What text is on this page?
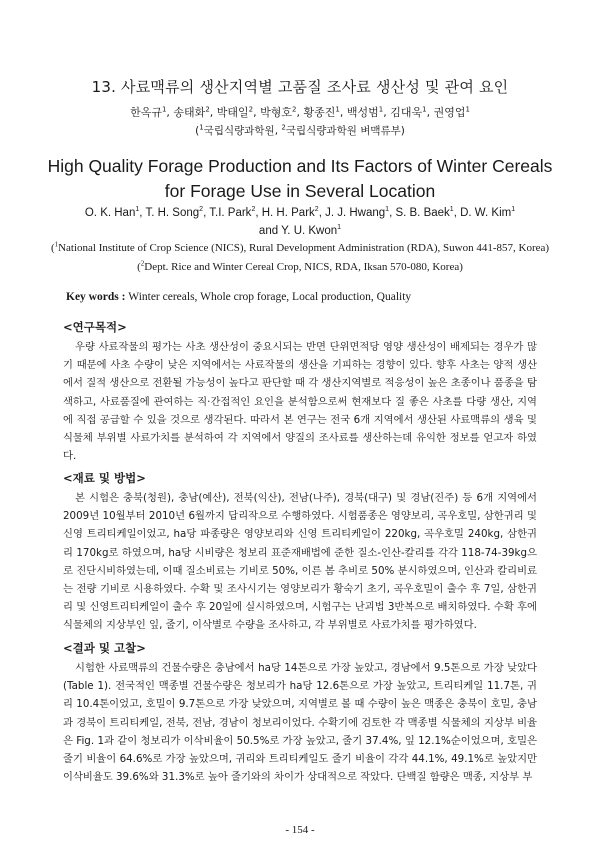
13. 사료맥류의 생산지역별 고품질 조사료 생산성 및 관여 요인
한옥규$^1$, 송태화$^2$, 박태일$^2$, 박형호$^2$, 황종진$^1$, 백성범$^1$, 김대욱$^1$, 권영업$^1$
($^1$국립식량과학원, $^2$국립식량과학원 벼맥류부)
High Quality Forage Production and Its Factors of Winter Cereals for Forage Use in Several Location
O. K. Han$^1$, T. H. Song$^2$, T.I. Park$^2$, H. H. Park$^2$, J. J. Hwang$^1$, S. B. Baek$^1$, D. W. Kim$^1$
and Y. U. Kwon$^1$
($^1$National Institute of Crop Science (NICS), Rural Development Administration (RDA), Suwon 441-857, Korea)
($^2$Dept. Rice and Winter Cereal Crop, NICS, RDA, Iksan 570-080, Korea)
Key words : Winter cereals, Whole crop forage, Local production, Quality
<연구목적>

우량 사료작물의 평가는 사초 생산성이 중요시되는 반면 단위면적당 영양 생산성이 배제되는 경우가 많기 때문에 사초 수량이 낮은 지역에서는 사료작물의 생산을 기피하는 경향이 있다. 향후 사초는 양적 생산에서 질적 생산으로 전환될 가능성이 높다고 판단할 때 각 생산지역별로 적응성이 높은 초종이나 품종을 탐색하고, 사료품질에 관여하는 직·간접적인 요인을 분석함으로써 현재보다 질 좋은 사초를 다량 생산, 지역에 직접 공급할 수 있을 것으로 생각된다. 따라서 본 연구는 전국 6개 지역에서 생산된 사료맥류의 생육 및 식물체 부위별 사료가치를 분석하여 각 지역에서 양질의 조사료를 생산하는데 유익한 정보를 얻고자 하였다.

<재료 및 방법>

본 시험은 충북(청원), 충남(예산), 전북(익산), 전남(나주), 경북(대구) 및 경남(진주) 등 6개 지역에서 2009년 10월부터 2010년 6월까지 답리작으로 수행하였다. 시험품종은 영양보리, 곡우호밀, 삼한귀리 및 신영 트리티케일이었고, ha당 파종량은 영양보리와 신영 트리티케일이 220kg, 곡우호밀 240kg, 삼한귀리 170kg로 하였으며, ha당 시비량은 청보리 표준재배법에 준한 질소-인산-칼리를 각각 118-74-39kg으로 진단시비하였는데, 이때 질소비료는 기비로 50%, 이른 봄 추비로 50% 분시하였으며, 인산과 칼리비료는 전량 기비로 시용하였다. 수확 및 조사시기는 영양보리가 황숙기 초기, 곡우호밀이 출수 후 7일, 삼한귀리 및 신영트리티케일이 출수 후 20일에 실시하였으며, 시험구는 난괴법 3반복으로 배치하였다. 수확 후에 식물체의 지상부인 잎, 줄기, 이삭별로 수량을 조사하고, 각 부위별로 사료가치를 평가하였다.

<결과 및 고찰>

시험한 사료맥류의 건물수량은 충남에서 ha당 14톤으로 가장 높았고, 경남에서 9.5톤으로 가장 낮았다(Table 1). 전국적인 맥종별 건물수량은 청보리가 ha당 12.6톤으로 가장 높았고, 트리티케일 11.7톤, 귀리 10.4톤이었고, 호밀이 9.7톤으로 가장 낮았으며, 지역별로 볼 때 수량이 높은 맥종은 충북이 호밀, 충남과 경북이 트리티케일, 전북, 전남, 경남이 청보리이었다. 수확기에 검토한 각 맥종별 식물체의 지상부 비율은 Fig. 1과 같이 청보리가 이삭비율이 50.5%로 가장 높았고, 줄기 37.4%, 잎 12.1%순이었으며, 호밀은 줄기 비율이 64.6%로 가장 높았으며, 귀리와 트리티케일도 줄기 비율이 각각 44.1%, 49.1%로 높았지만 이삭비율도 39.6%와 31.3%로 높아 줄기와의 차이가 상대적으로 작았다. 단백질 함량은 맥종, 지상부 부

- 154 -
